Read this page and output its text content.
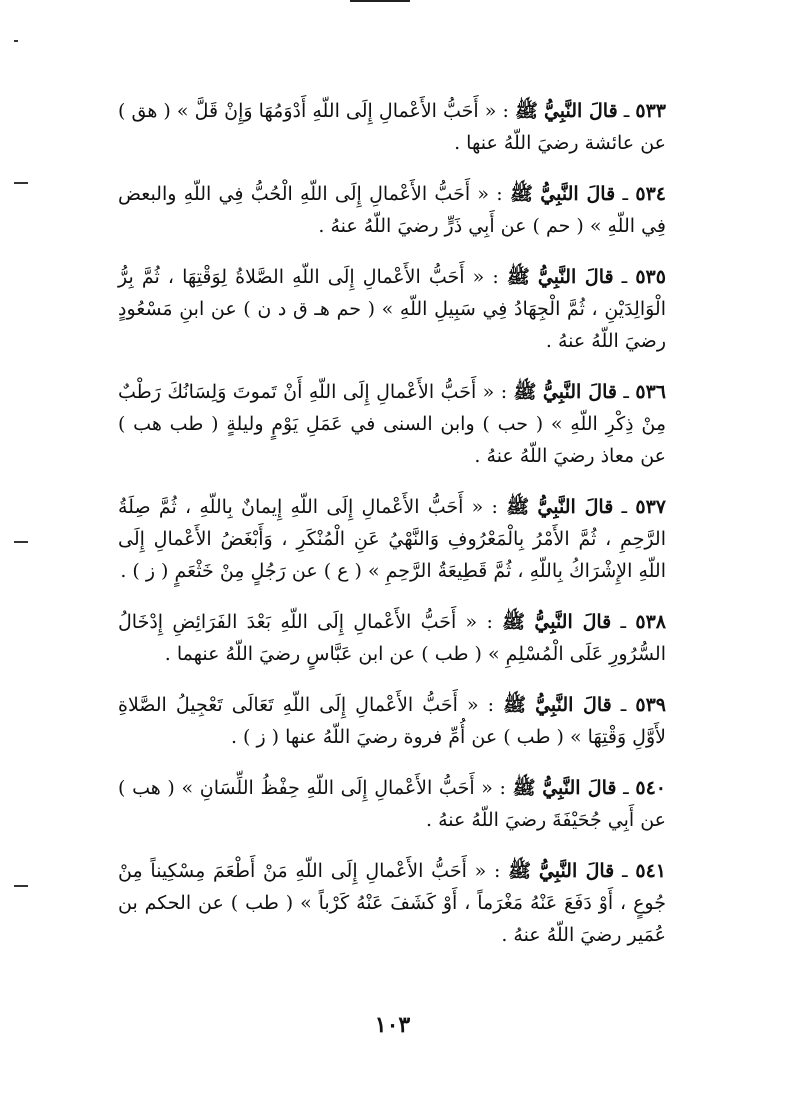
٥٣٣ ـ قالَ النَّبِيُّ ﷺ : « أَحَبُّ الأَعْمالِ إِلَى اللّهِ أَدْوَمُهَا وَإِنْ قَلَّ » ( هق ) عن عائشة رضيَ اللّهُ عنها .

٥٣٤ ـ قالَ النَّبِيُّ ﷺ : « أَحَبُّ الأَعْمالِ إِلَى اللّهِ الْحُبُّ فِي اللّهِ والبعض فِي اللّهِ » ( حم ) عن أَبِي ذَرٍّ رضيَ اللّهُ عنهُ .

٥٣٥ ـ قالَ النَّبِيُّ ﷺ : « أَحَبُّ الأَعْمالِ إِلَى اللّهِ الصَّلاةُ لِوَقْتِهَا ، ثُمَّ بِرُّ الْوَالِدَيْنِ ، ثُمَّ الْجِهَادُ فِي سَبِيلِ اللّهِ » ( حم هـ ق د ن ) عن ابنِ مَسْعُودٍ رضيَ اللّهُ عنهُ .

٥٣٦ ـ قالَ النَّبِيُّ ﷺ : « أَحَبُّ الأَعْمالِ إِلَى اللّهِ أَنْ تَموتَ وَلِسَانُكَ رَطْبٌ مِنْ ذِكْرِ اللّهِ » ( حب ) وابن السنى في عَمَلِ يَوْمٍ وليلةٍ ( طب هب ) عن معاذ رضيَ اللّهُ عنهُ .

٥٣٧ ـ قالَ النَّبِيُّ ﷺ : « أَحَبُّ الأَعْمالِ إِلَى اللّهِ إِيمانٌ بِاللّهِ ، ثُمَّ صِلَةُ الرَّحِمِ ، ثُمَّ الأَمْرُ بِالْمَعْرُوفِ وَالنَّهْيُ عَنِ الْمُنْكَرِ ، وَأَبْغَضُ الأَعْمالِ إِلَى اللّهِ الإِشْرَاكُ بِاللّهِ ، ثُمَّ قَطِيعَةُ الرَّحِمِ » ( ع ) عن رَجُلٍ مِنْ خَثْعَمٍ ( ز ) .

٥٣٨ ـ قالَ النَّبِيُّ ﷺ : « أَحَبُّ الأَعْمالِ إِلَى اللّهِ بَعْدَ الفَرَائِضِ إِدْخَالُ السُّرُورِ عَلَى الْمُسْلِمِ » ( طب ) عن ابن عَبَّاسٍ رضيَ اللّهُ عنهما .

٥٣٩ ـ قالَ النَّبِيُّ ﷺ : « أَحَبُّ الأَعْمالِ إِلَى اللّهِ تَعَالَى تَعْجِيلُ الصَّلاةِ لأَوَّلِ وَقْتِهَا » ( طب ) عن أُمِّ فروة رضيَ اللّهُ عنها ( ز ) .

٥٤٠ ـ قالَ النَّبِيُّ ﷺ : « أَحَبُّ الأَعْمالِ إِلَى اللّهِ حِفْظُ اللِّسَانِ » ( هب ) عن أَبِي جُحَيْفَةَ رضيَ اللّهُ عنهُ .

٥٤١ ـ قالَ النَّبِيُّ ﷺ : « أَحَبُّ الأَعْمالِ إِلَى اللّهِ مَنْ أَطْعَمَ مِسْكِيناً مِنْ جُوعٍ ، أَوْ دَفَعَ عَنْهُ مَغْرَماً ، أَوْ كَشَفَ عَنْهُ كَرْباً » ( طب ) عن الحكم بن عُمَير رضيَ اللّهُ عنهُ .

١٠٣
